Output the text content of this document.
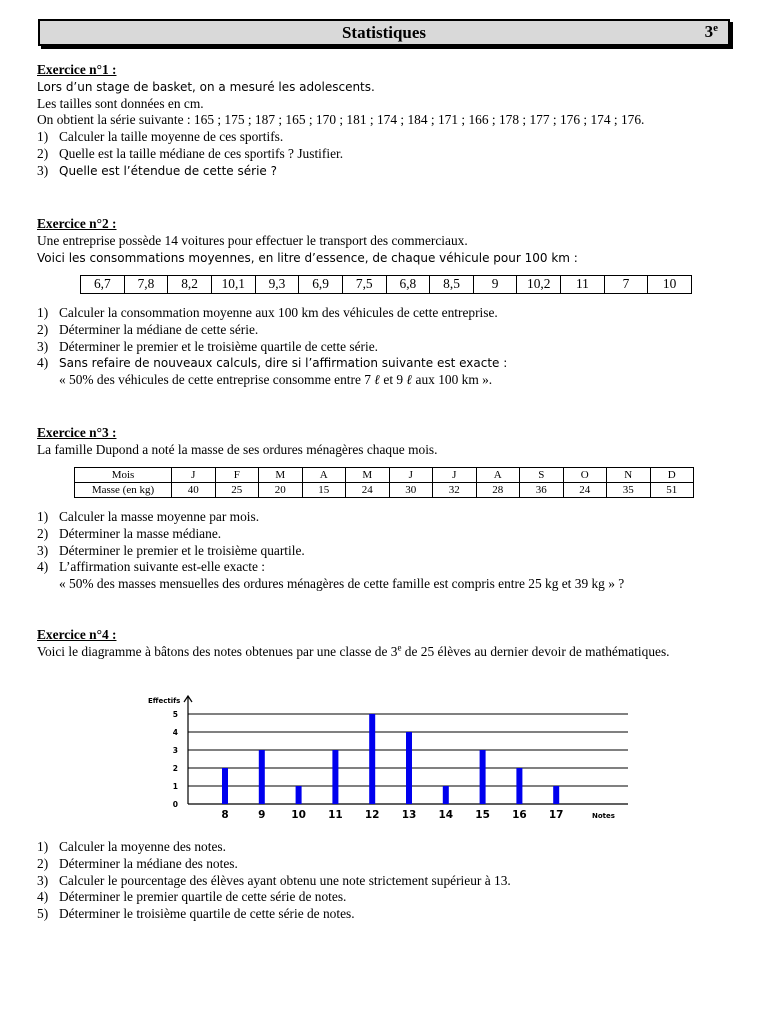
Statistiques	3e

Exercice n°1 :

Lors d’un stage de basket, on a mesuré les adolescents.

Les tailles sont données en cm.

On obtient la série suivante : 165 ; 175 ; 187 ; 165 ; 170 ; 181 ; 174 ; 184 ; 171 ; 166 ; 178 ; 177 ; 176 ; 174 ; 176.

1) Calculer la taille moyenne de ces sportifs.

2) Quelle est la taille médiane de ces sportifs ? Justifier.

3) Quelle est l’étendue de cette série ?

Exercice n°2 :

Une entreprise possède 14 voitures pour effectuer le transport des commerciaux.

Voici les consommations moyennes, en litre d’essence, de chaque véhicule pour 100 km :

6,7	7,8	8,2	10,1	9,3	6,9	7,5	6,8	8,5	9	10,2	11	7	10

1) Calculer la consommation moyenne aux 100 km des véhicules de cette entreprise.

2) Déterminer la médiane de cette série.

3) Déterminer le premier et le troisième quartile de cette série.

4) Sans refaire de nouveaux calculs, dire si l’affirmation suivante est exacte :

« 50% des véhicules de cette entreprise consomme entre 7 ℓ et 9 ℓ aux 100 km ».

Exercice n°3 :

La famille Dupond a noté la masse de ses ordures ménagères chaque mois.

Mois	J	F	M	A	M	J	J	A	S	O	N	D
Masse (en kg)	40	25	20	15	24	30	32	28	36	24	35	51

1) Calculer la masse moyenne par mois.

2) Déterminer la masse médiane.

3) Déterminer le premier et le troisième quartile.

4) L’affirmation suivante est-elle exacte :

« 50% des masses mensuelles des ordures ménagères de cette famille est compris entre 25 kg et 39 kg » ?

Exercice n°4 :

Voici le diagramme à bâtons des notes obtenues par une classe de 3e de 25 élèves au dernier devoir de mathématiques.

Effectifs
0
1
2
3
4
5
8	9 10 11 12 13 14 15 16 17	Notes

1) Calculer la moyenne des notes.

2) Déterminer la médiane des notes.

3) Calculer le pourcentage des élèves ayant obtenu une note strictement supérieur à 13.

4) Déterminer le premier quartile de cette série de notes.

5) Déterminer le troisième quartile de cette série de notes.
